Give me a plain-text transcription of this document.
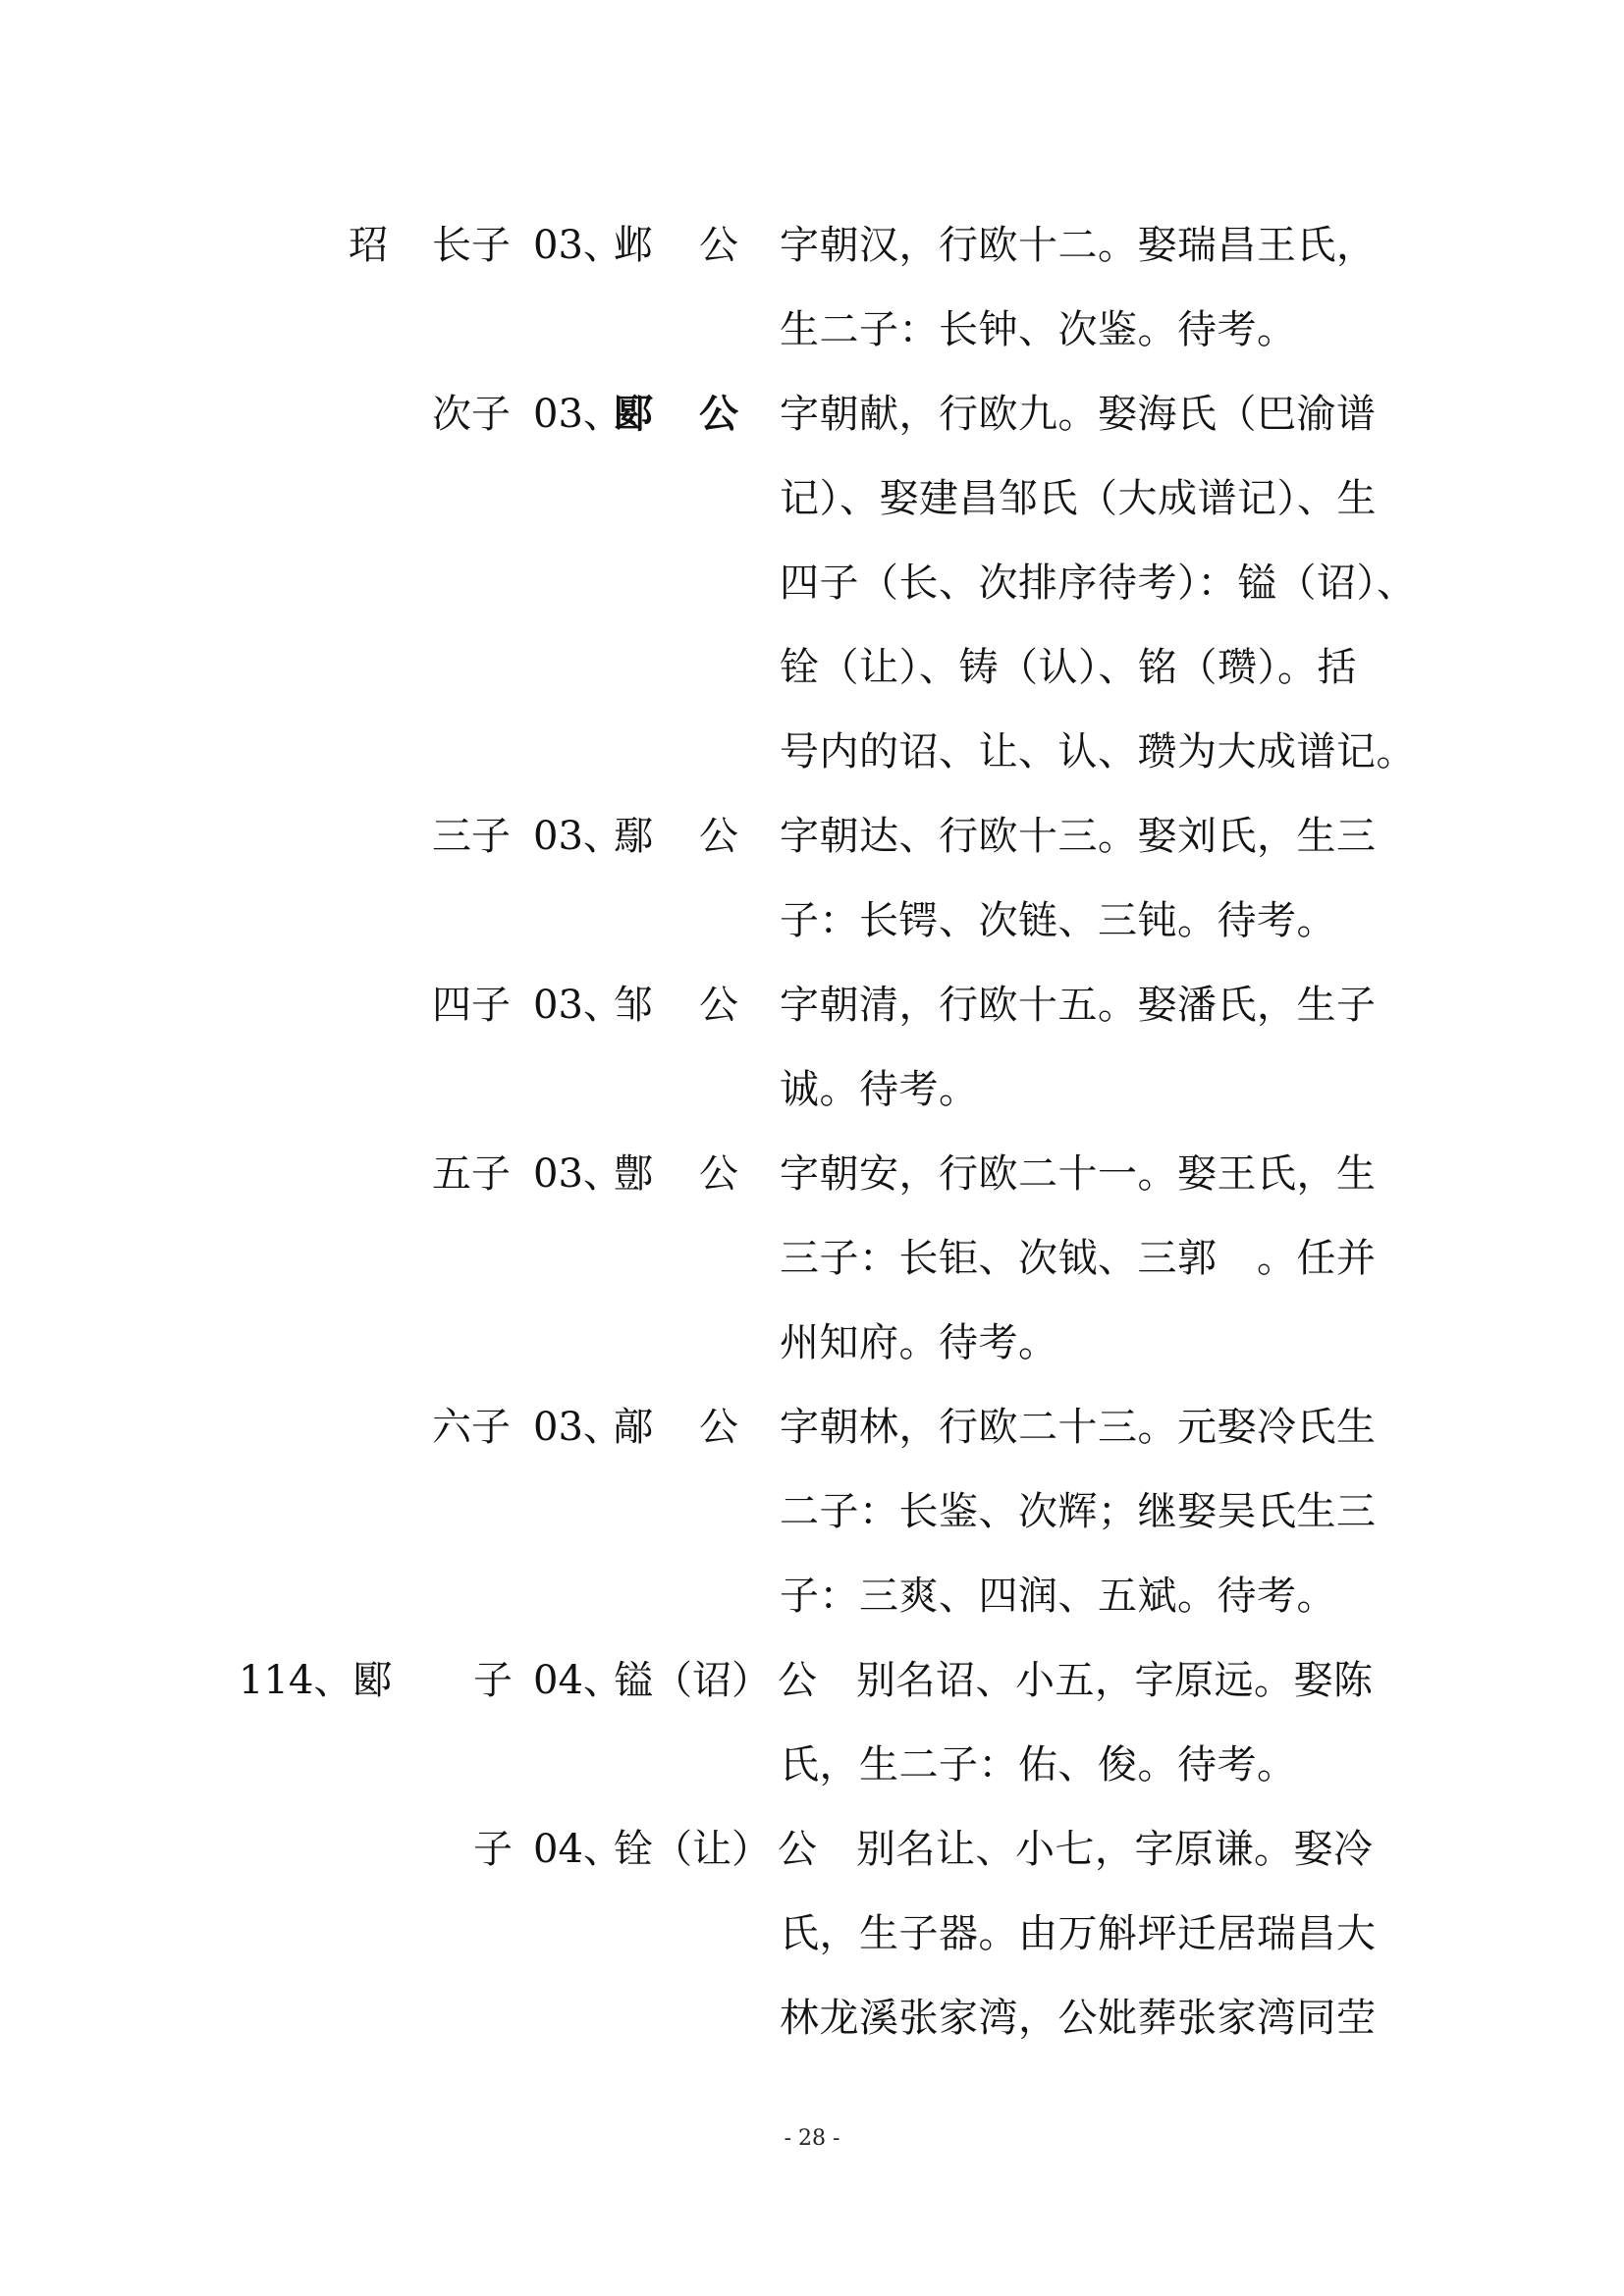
玿 长子 03、
邺 公 字朝汉，行欧十二。娶瑞昌王氏，
生二子：长钟、次鉴。待考。
次子 03、
郾 公 字朝献，行欧九。娶海氏（巴渝谱
记）、娶建昌邹氏（大成谱记）、生
四子（长、次排序待考）：镒（诏）、
铨（让）、铸（认）、铭（瓒）。括
号内的诏、让、认、瓒为大成谱记。
三子 03、
鄢 公 字朝达、行欧十三。娶刘氏，生三
子：长锷、次链、三钝。待考。
四子 03、
邹 公 字朝清，行欧十五。娶潘氏，生子
诚。待考。
五子 03、
鄷 公 字朝安，行欧二十一。娶王氏，生
三子：长钜、次钺、三郭　。任并
州知府。待考。
六子 03、
鄗 公 字朝林，行欧二十三。元娶冷氏生
二子：长鉴、次辉；继娶吴氏生三
子：三爽、四润、五斌。待考。
114、郾 子 04、
镒（诏） 公 别名诏、小五，字原远。娶陈
氏，生二子：佑、俊。待考。
子 04、
铨（让） 公 别名让、小七，字原谦。娶冷
氏，生子器。由万斛坪迁居瑞昌大
林龙溪张家湾，公妣葬张家湾同茔
- 28 -
